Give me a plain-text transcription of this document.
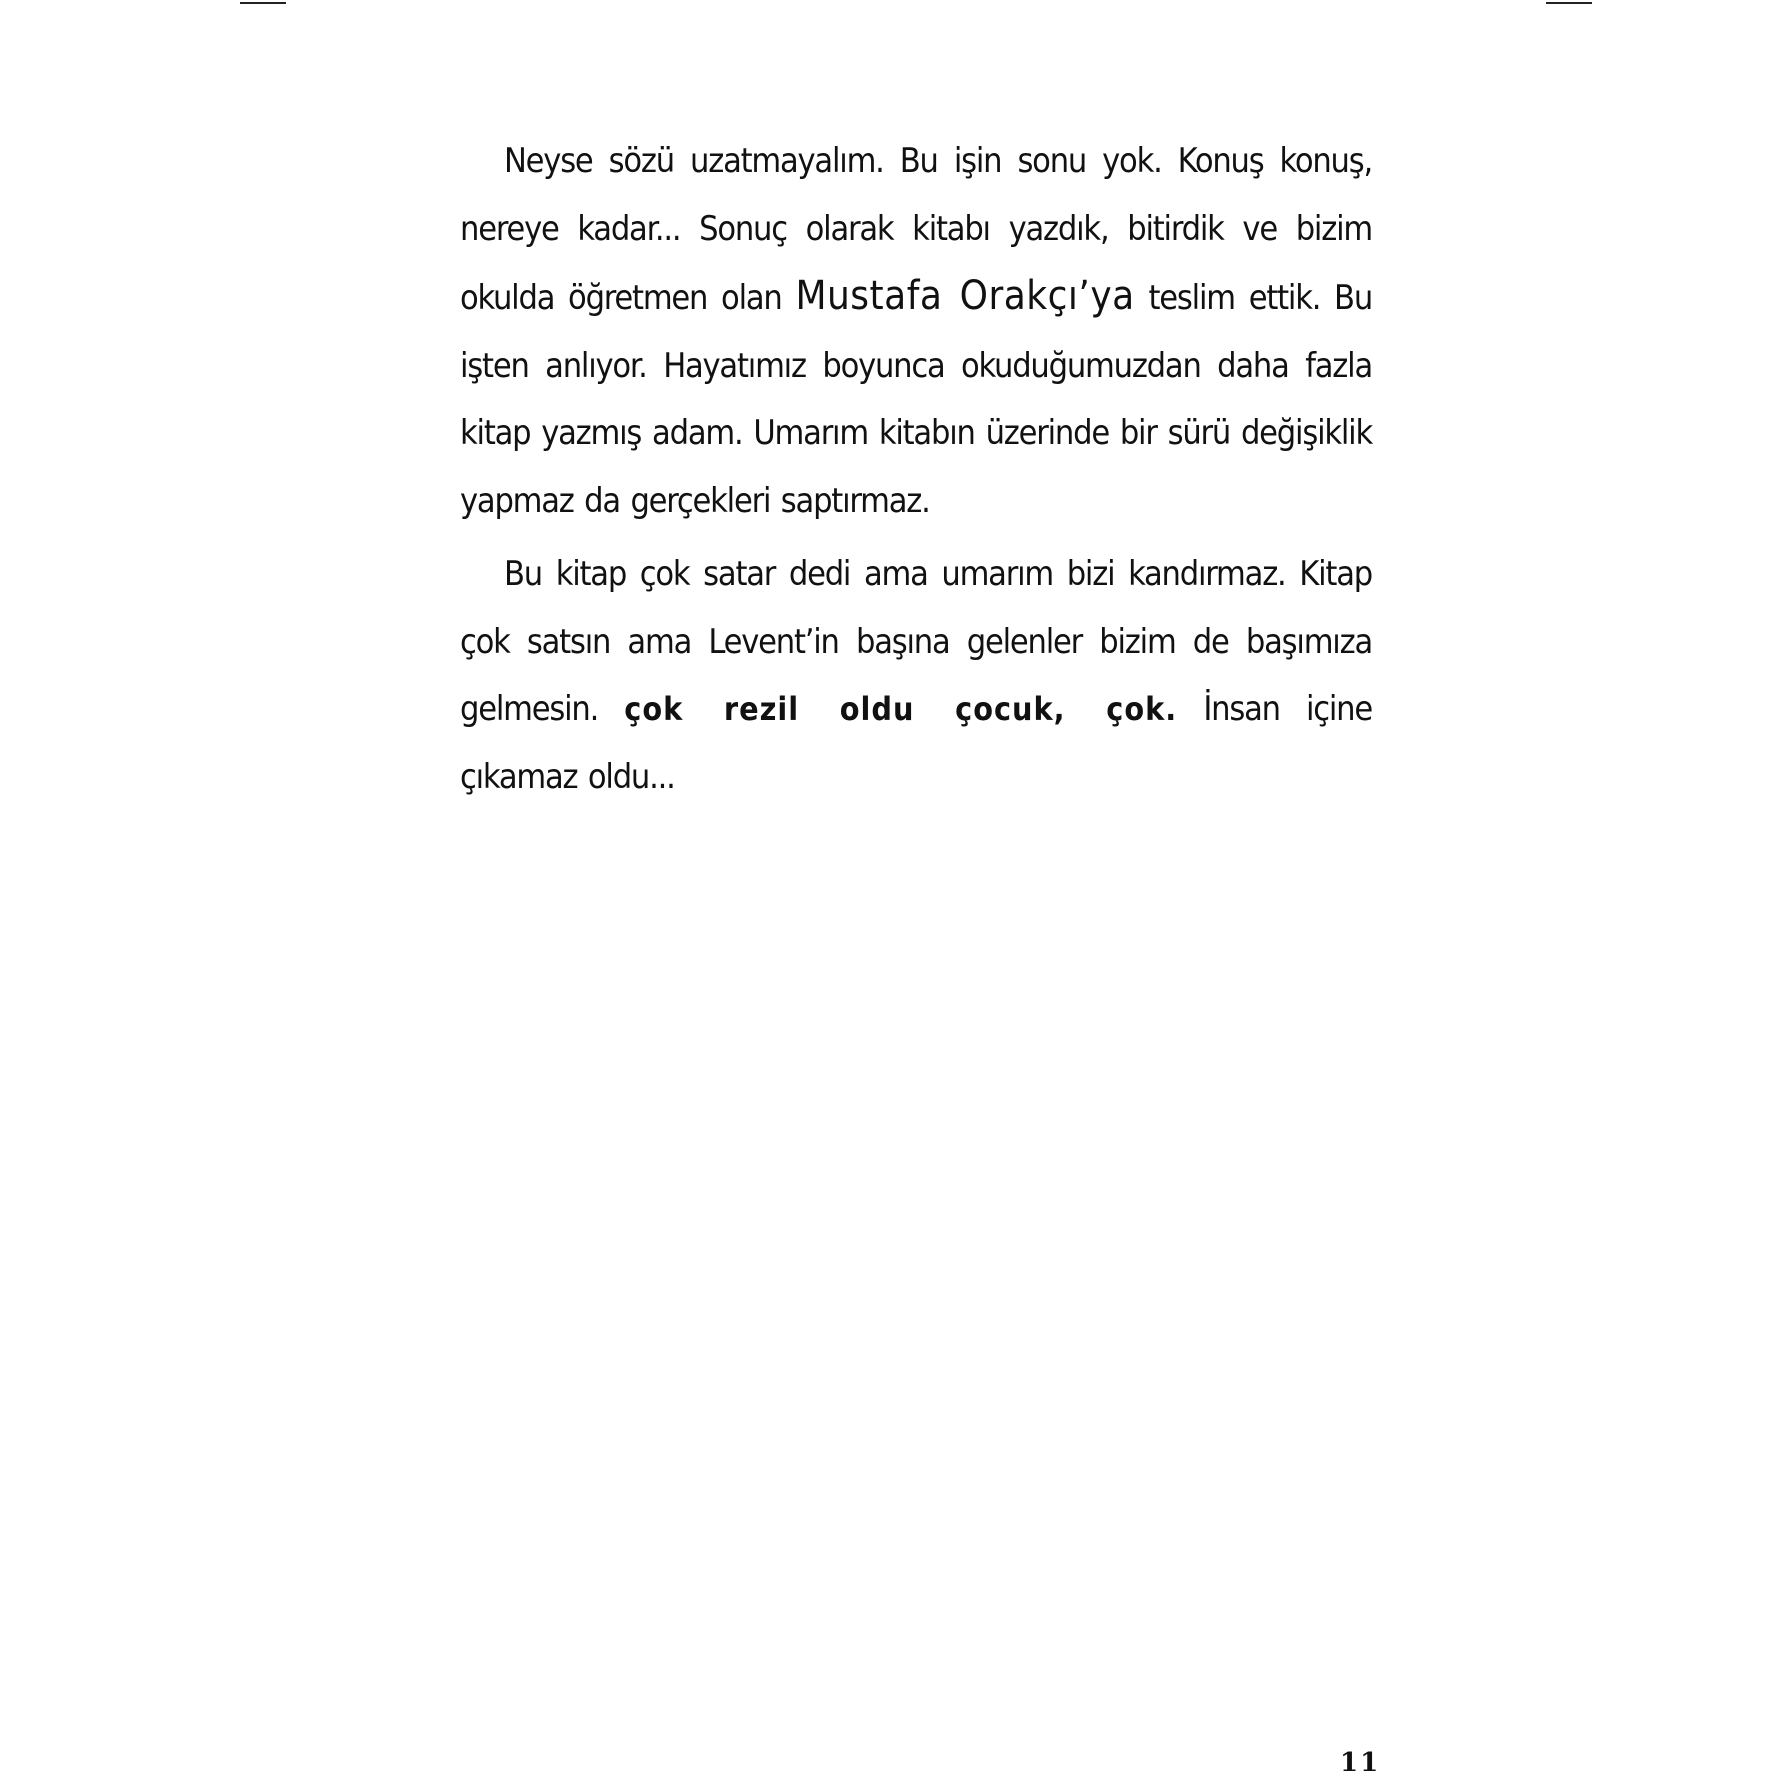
Neyse sözü uzatmayalım. Bu işin sonu yok. Konuş konuş, nereye kadar... Sonuç olarak kitabı yazdık, bitirdik ve bizim okulda öğretmen olan Mustafa Orakçı’ya teslim ettik. Bu işten anlıyor. Hayatımız boyunca okuduğumuzdan daha fazla kitap yazmış adam. Umarım kitabın üzerinde bir sürü değişiklik yapmaz da gerçekleri saptırmaz.

Bu kitap çok satar dedi ama umarım bizi kandırmaz. Kitap çok satsın ama Levent’in başına gelenler bizim de başımıza gelmesin. çok rezil oldu çocuk, çok. İnsan içine çıkamaz oldu...

11
